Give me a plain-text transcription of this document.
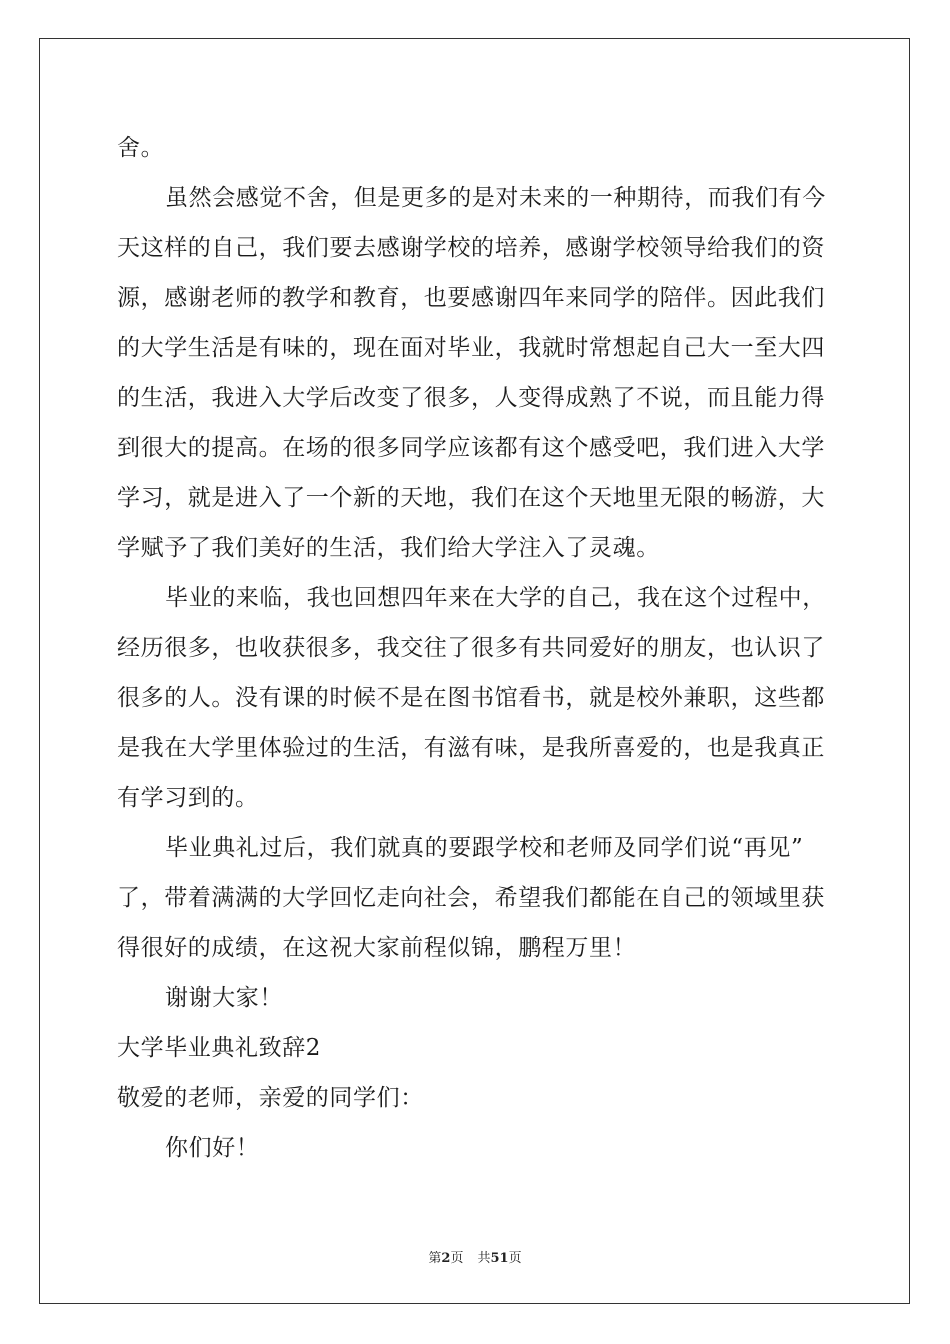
舍。
虽然会感觉不舍，但是更多的是对未来的一种期待，而我们有今
天这样的自己，我们要去感谢学校的培养，感谢学校领导给我们的资
源，感谢老师的教学和教育，也要感谢四年来同学的陪伴。因此我们
的大学生活是有味的，现在面对毕业，我就时常想起自己大一至大四
的生活，我进入大学后改变了很多，人变得成熟了不说，而且能力得
到很大的提高。在场的很多同学应该都有这个感受吧，我们进入大学
学习，就是进入了一个新的天地，我们在这个天地里无限的畅游，大
学赋予了我们美好的生活，我们给大学注入了灵魂。
毕业的来临，我也回想四年来在大学的自己，我在这个过程中，
经历很多，也收获很多，我交往了很多有共同爱好的朋友，也认识了
很多的人。没有课的时候不是在图书馆看书，就是校外兼职，这些都
是我在大学里体验过的生活，有滋有味，是我所喜爱的，也是我真正
有学习到的。
毕业典礼过后，我们就真的要跟学校和老师及同学们说“再见”
了，带着满满的大学回忆走向社会，希望我们都能在自己的领域里获
得很好的成绩，在这祝大家前程似锦，鹏程万里！
谢谢大家！
大学毕业典礼致辞2
敬爱的老师，亲爱的同学们：
你们好！
第2页 共51页
